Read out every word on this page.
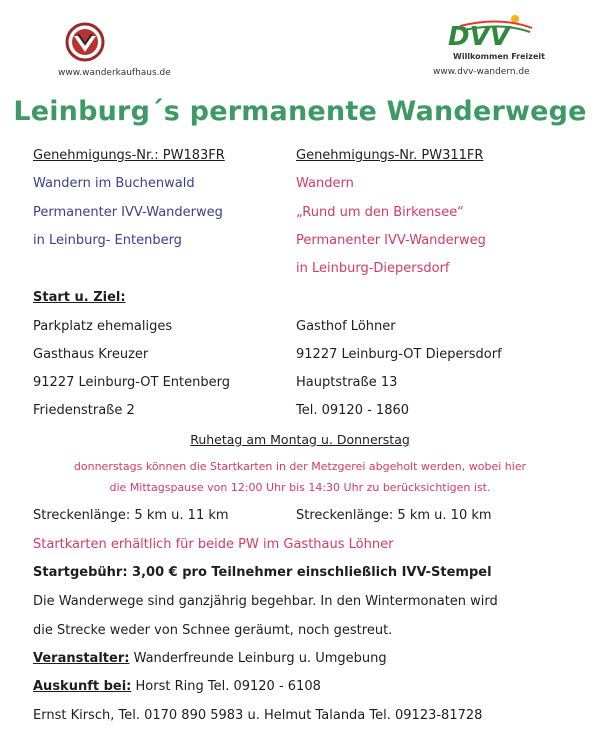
www.wanderkaufhaus.de
DVV
Willkommen Freizeit
www.dvv-wandern.de
Leinburg´s permanente Wanderwege
Genehmigungs-Nr.: PW183FR
Wandern im Buchenwald
Permanenter IVV-Wanderweg
in Leinburg- Entenberg
Genehmigungs-Nr. PW311FR
Wandern
„Rund um den Birkensee“
Permanenter IVV-Wanderweg
in Leinburg-Diepersdorf
Start u. Ziel:
Parkplatz ehemaliges
Gasthaus Kreuzer
91227 Leinburg-OT Entenberg
Friedenstraße 2
Gasthof Löhner
91227 Leinburg-OT Diepersdorf
Hauptstraße 13
Tel. 09120 - 1860
Ruhetag am Montag u. Donnerstag
donnerstags können die Startkarten in der Metzgerei abgeholt werden, wobei hier
die Mittagspause von 12:00 Uhr bis 14:30 Uhr zu berücksichtigen ist.
Streckenlänge: 5 km u. 11 km	Streckenlänge: 5 km u. 10 km
Startkarten erhältlich für beide PW im Gasthaus Löhner
Startgebühr: 3,00 € pro Teilnehmer einschließlich IVV-Stempel
Die Wanderwege sind ganzjährig begehbar. In den Wintermonaten wird
die Strecke weder von Schnee geräumt, noch gestreut.
Veranstalter: Wanderfreunde Leinburg u. Umgebung
Auskunft bei: Horst Ring Tel. 09120 - 6108
Ernst Kirsch, Tel. 0170 890 5983 u. Helmut Talanda Tel. 09123-81728
